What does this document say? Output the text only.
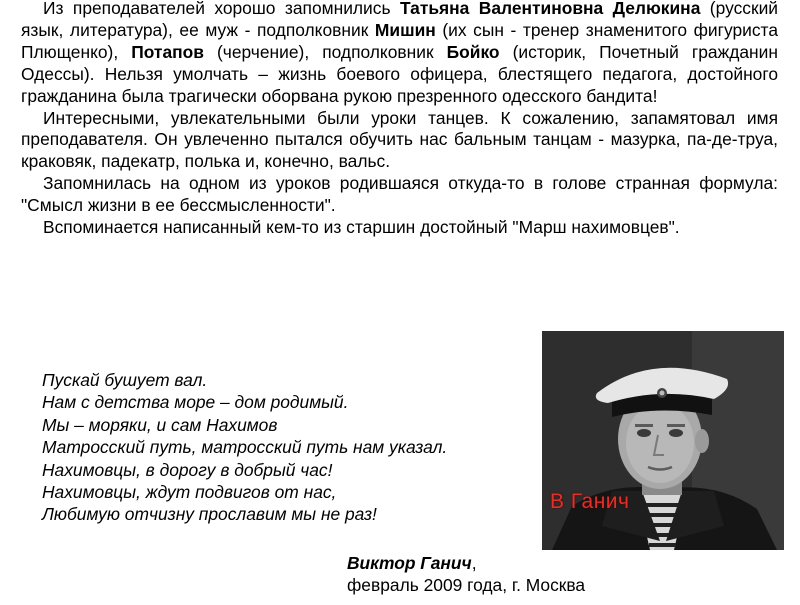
Из преподавателей хорошо запомнились Татьяна Валентиновна Делюкина (русский язык, литература), ее муж - подполковник Мишин (их сын - тренер знаменитого фигуриста Плющенко), Потапов (черчение), подполковник Бойко (историк, Почетный гражданин Одессы). Нельзя умолчать – жизнь боевого офицера, блестящего педагога, достойного гражданина была трагически оборвана рукою презренного одесского бандита!

Интересными, увлекательными были уроки танцев. К сожалению, запамятовал имя преподавателя. Он увлеченно пытался обучить нас бальным танцам - мазурка, па-де-труа, краковяк, падекатр, полька и, конечно, вальс.

Запомнилась на одном из уроков родившаяся откуда-то в голове странная формула: "Смысл жизни в ее бессмысленности".

Вспоминается написанный кем-то из старшин достойный "Марш нахимовцев".

Пускай бушует вал.
Нам с детства море – дом родимый.
Мы – моряки, и сам Нахимов
Матросский путь, матросский путь нам указал.
Нахимовцы, в дорогу в добрый час!
Нахимовцы, ждут подвигов от нас,
Любимую отчизну прославим мы не раз!
В Ганич
Виктор Ганич,
февраль 2009 года, г. Москва
